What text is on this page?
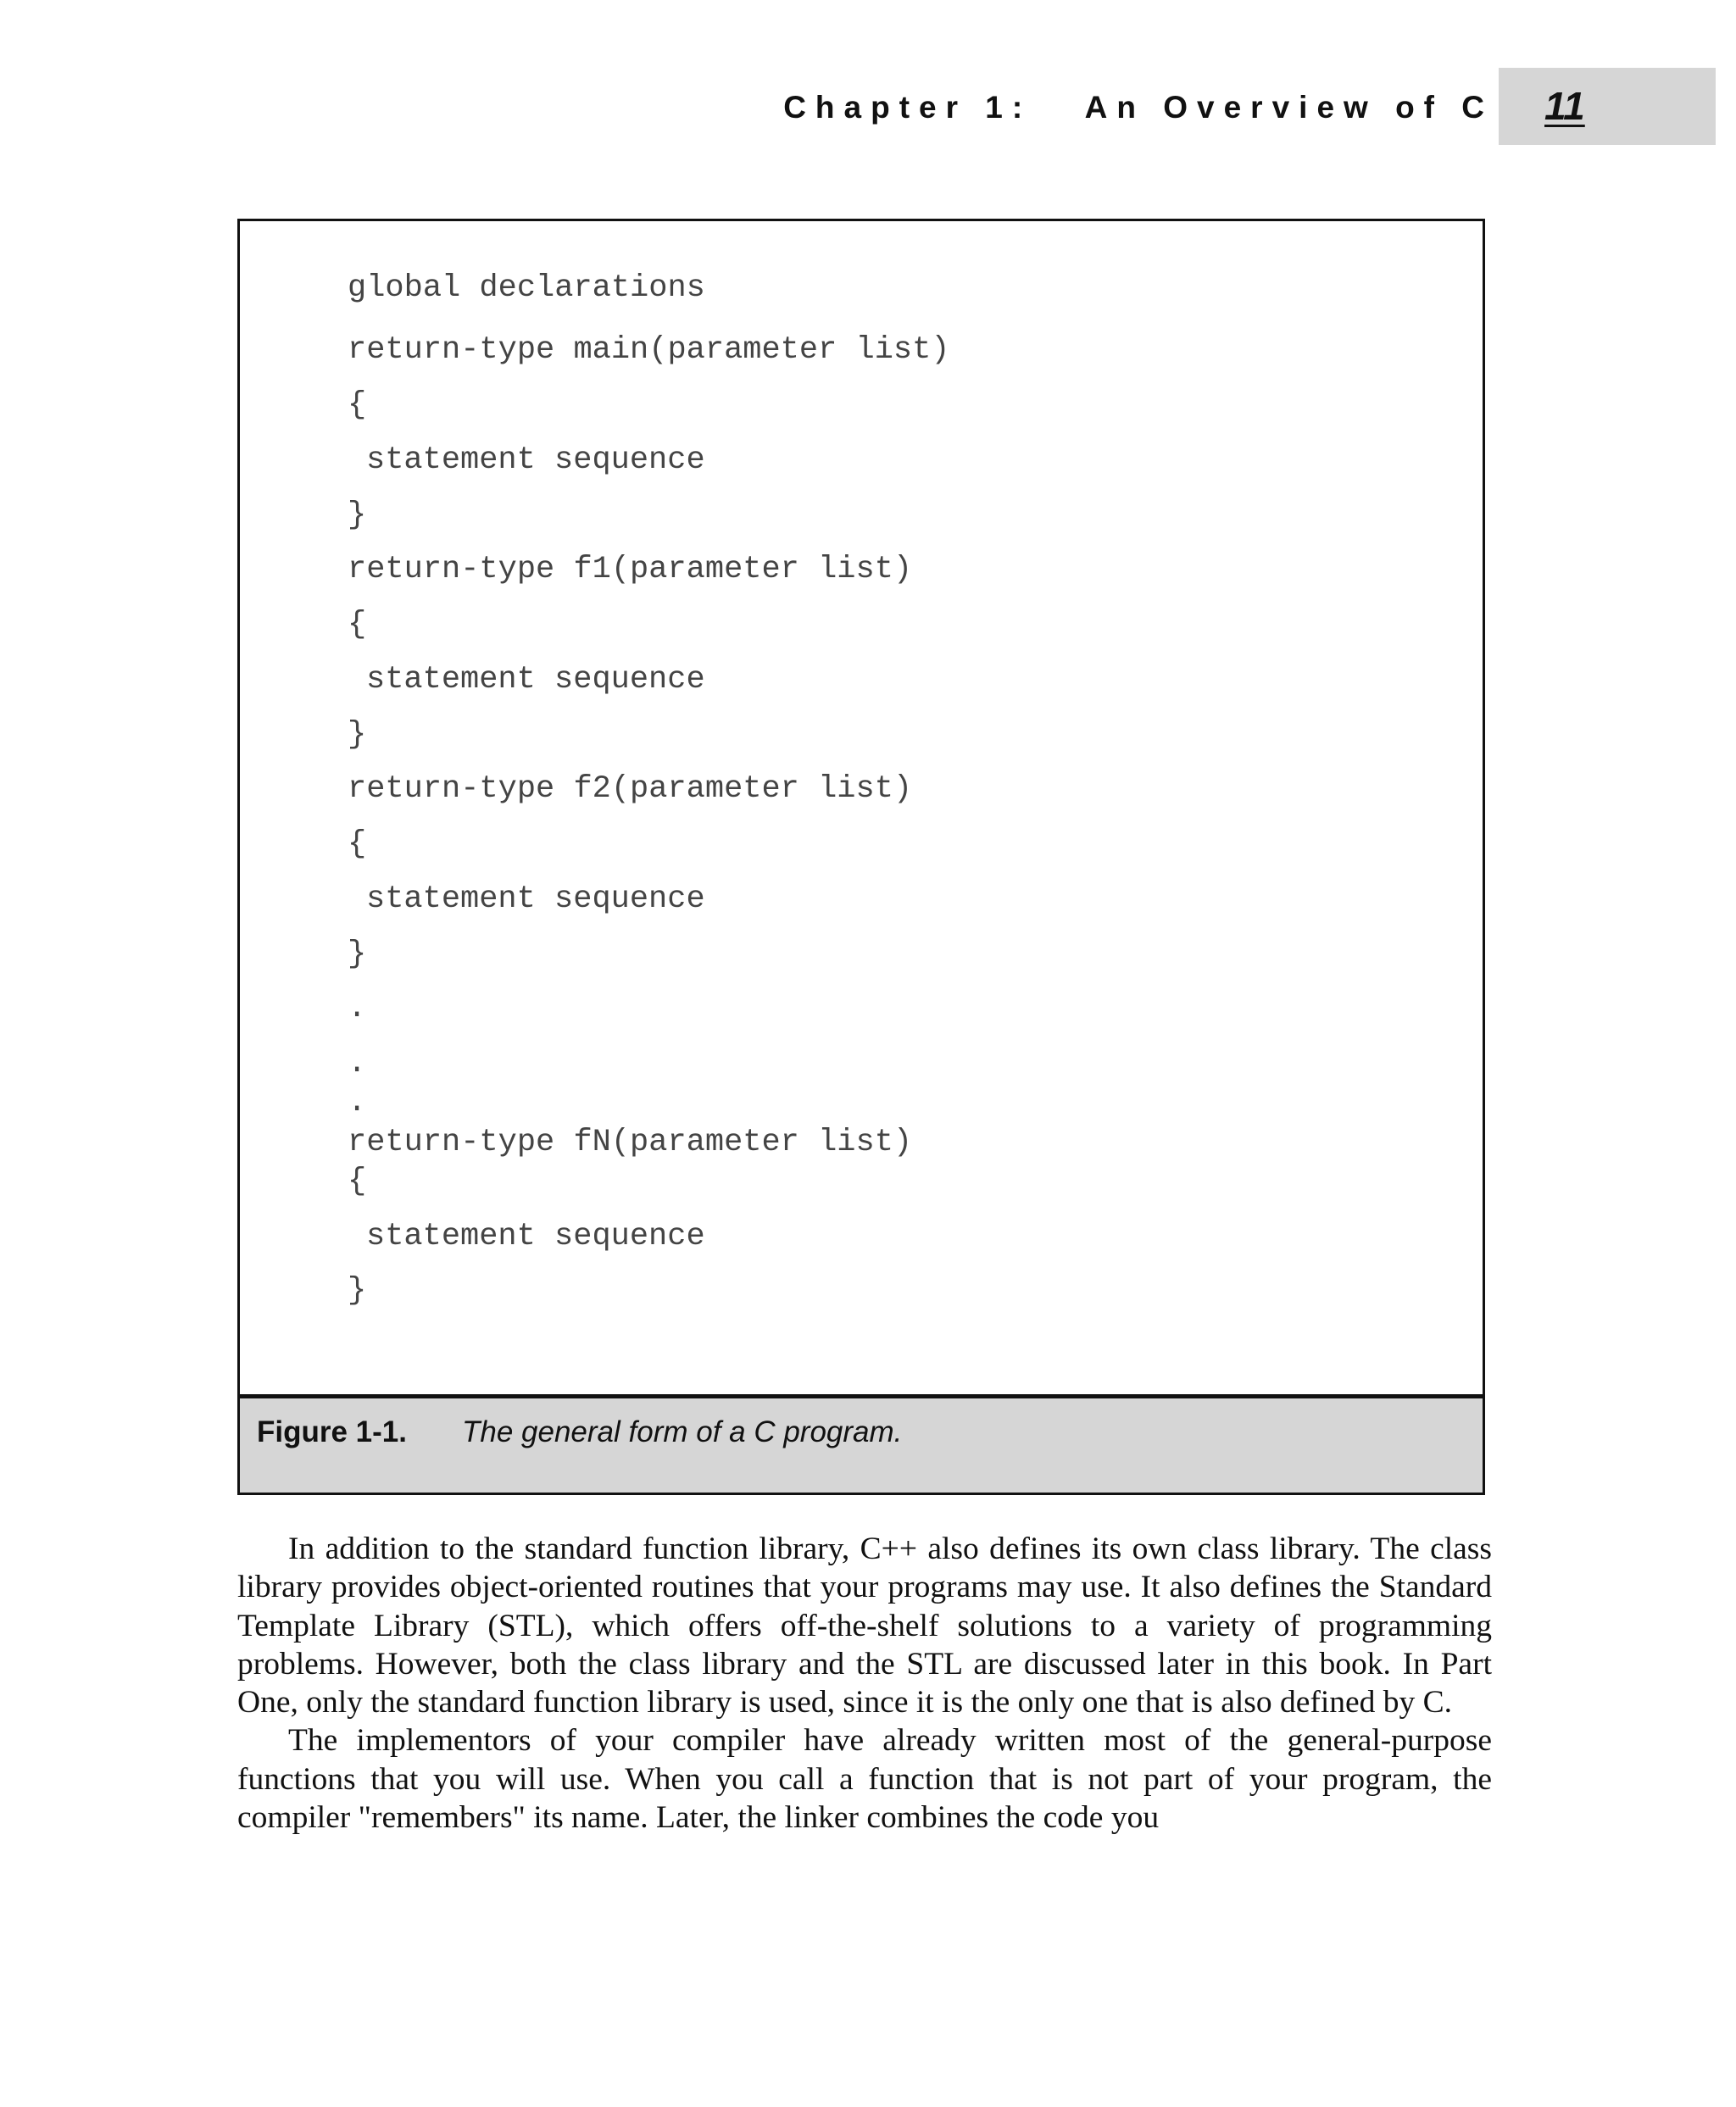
Chapter 1:   An Overview of C 11
Figure 1-1. The general form of a C program.
global declarations
return-type main(parameter list)
{
statement sequence
}
return-type f1(parameter list)
{
statement sequence
}
return-type f2(parameter list)
{
statement sequence
}
.
.
.
return-type fN(parameter list)
{
statement sequence
}

In addition to the standard function library, C++ also defines its own class library. The class library provides object-oriented routines that your programs may use. It also defines the Standard Template Library (STL), which offers off-the-shelf solutions to a variety of programming problems. However, both the class library and the STL are discussed later in this book. In Part One, only the standard function library is used, since it is the only one that is also defined by C.

The implementors of your compiler have already written most of the general-purpose functions that you will use. When you call a function that is not part of your program, the compiler "remembers" its name. Later, the linker combines the code you
